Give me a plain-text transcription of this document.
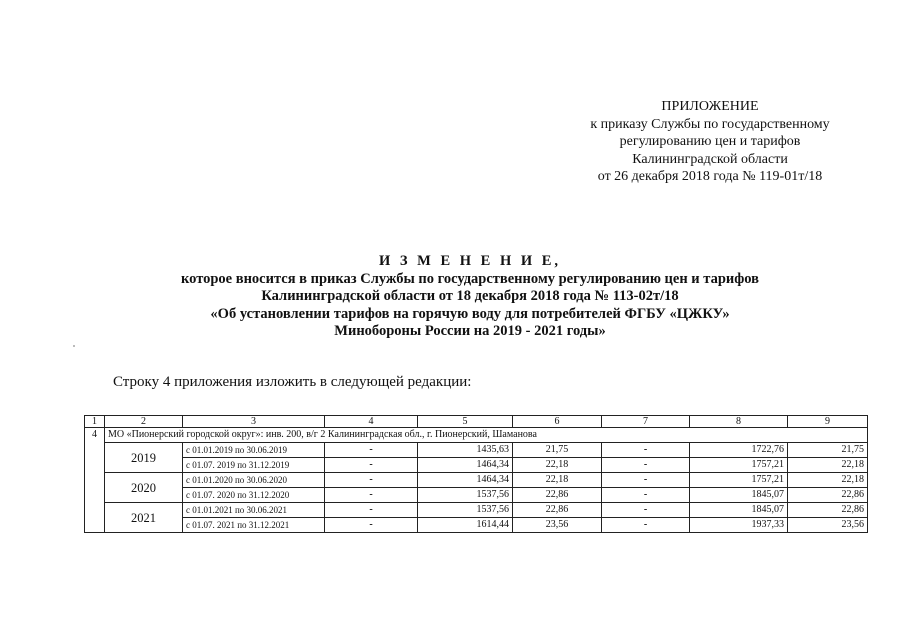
ПРИЛОЖЕНИЕ
к приказу Службы по государственному
регулированию цен и тарифов
Калининградской области
от 26 декабря 2018 года № 119-01т/18
И З М Е Н Е Н И Е,
которое вносится в приказ Службы по государственному регулированию цен и тарифов
Калининградской области от 18 декабря 2018 года № 113-02т/18
«Об установлении тарифов на горячую воду для потребителей ФГБУ «ЦЖКУ»
Минобороны России на 2019 - 2021 годы»
Строку 4 приложения изложить в следующей редакции:
1	2	3	4	5	6	7	8	9
4	МО «Пионерский городской округ»: инв. 200, в/г 2 Калининградская обл., г. Пионерский, Шаманова							
	2019	с 01.01.2019 по 30.06.2019	-	1435,63	21,75	-	1722,76	21,75
		с 01.07. 2019 по 31.12.2019	-	1464,34	22,18	-	1757,21	22,18
	2020	с 01.01.2020 по 30.06.2020	-	1464,34	22,18	-	1757,21	22,18
		с 01.07. 2020 по 31.12.2020	-	1537,56	22,86	-	1845,07	22,86
	2021	с 01.01.2021 по 30.06.2021	-	1537,56	22,86	-	1845,07	22,86
		с 01.07. 2021 по 31.12.2021	-	1614,44	23,56	-	1937,33	23,56
